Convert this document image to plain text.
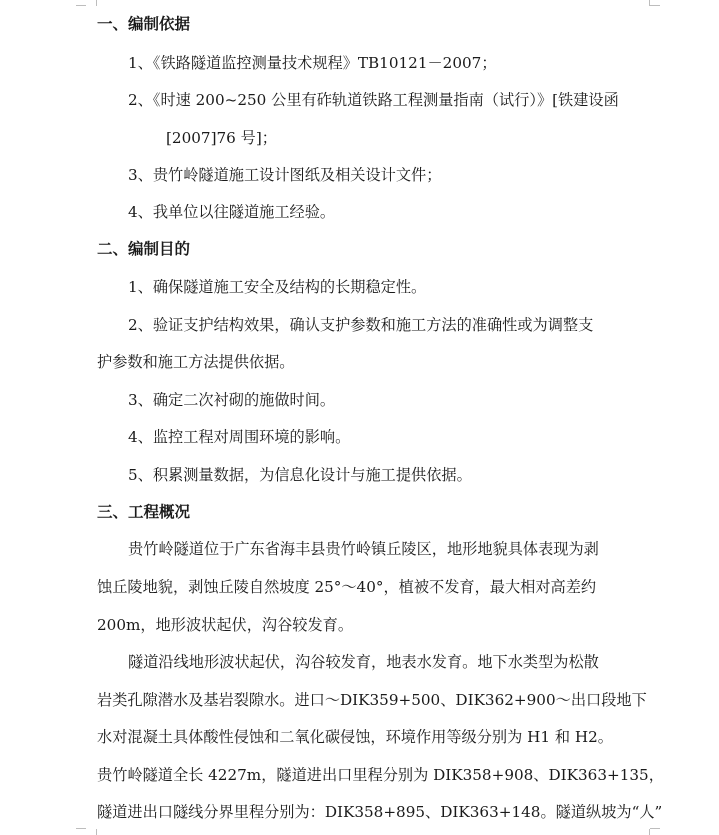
一、编制依据
1、《铁路隧道监控测量技术规程》TB10121－2007；
2、《时速 200~250 公里有砟轨道铁路工程测量指南（试行）》[铁建设函
[2007]76 号]；
3、贵竹岭隧道施工设计图纸及相关设计文件；
4、我单位以往隧道施工经验。
二、编制目的
1、确保隧道施工安全及结构的长期稳定性。
2、验证支护结构效果，确认支护参数和施工方法的准确性或为调整支
护参数和施工方法提供依据。
3、确定二次衬砌的施做时间。
4、监控工程对周围环境的影响。
5、积累测量数据，为信息化设计与施工提供依据。
三、工程概况
贵竹岭隧道位于广东省海丰县贵竹岭镇丘陵区，地形地貌具体表现为剥
蚀丘陵地貌，剥蚀丘陵自然坡度 25°～40°，植被不发育，最大相对高差约
200m，地形波状起伏，沟谷较发育。
隧道沿线地形波状起伏，沟谷较发育，地表水发育。地下水类型为松散
岩类孔隙潜水及基岩裂隙水。进口～DIK359+500、DIK362+900～出口段地下
水对混凝土具体酸性侵蚀和二氧化碳侵蚀，环境作用等级分别为 H1 和 H2。
贵竹岭隧道全长 4227m，隧道进出口里程分别为 DIK358+908、DIK363+135，
隧道进出口隧线分界里程分别为：DIK358+895、DIK363+148。隧道纵坡为“人”
